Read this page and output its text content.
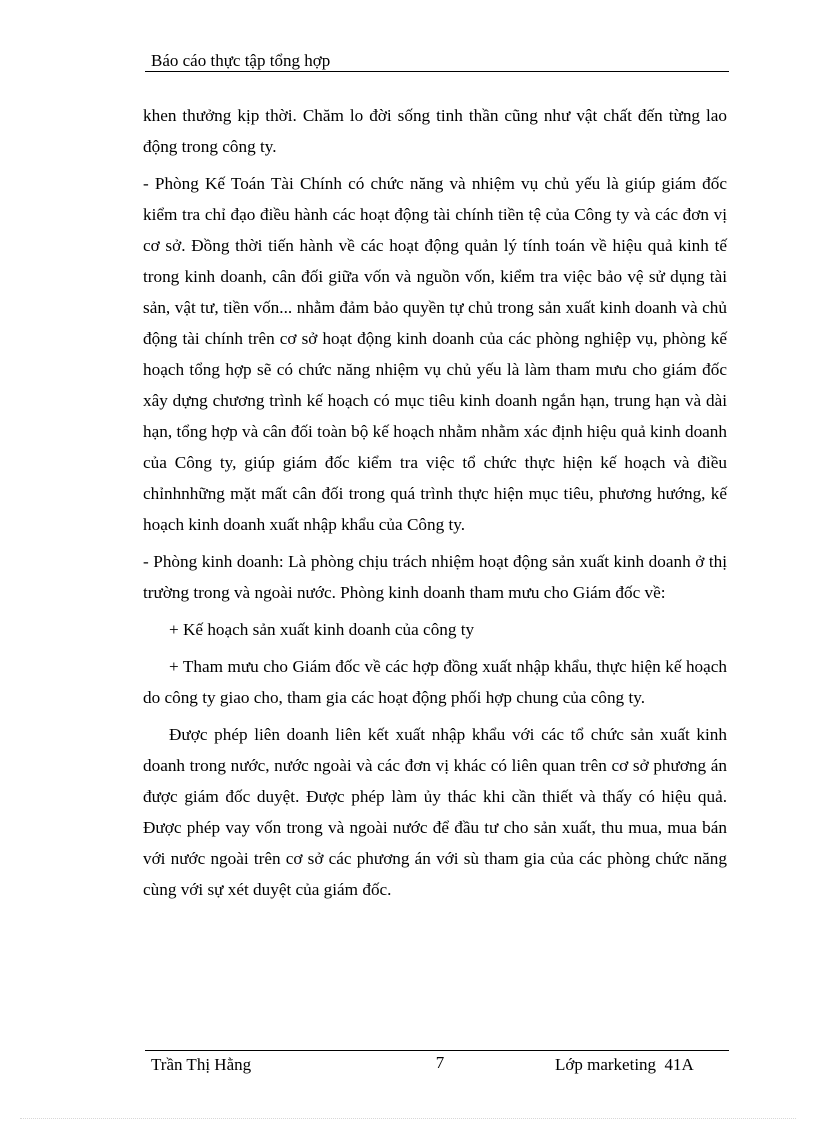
Báo cáo thực tập tổng hợp

khen thưởng kịp thời. Chăm lo đời sống tinh thần cũng như vật chất đến từng lao động trong công ty.

- Phòng Kế Toán Tài Chính có chức năng và nhiệm vụ chủ yếu là giúp giám đốc kiểm tra chỉ đạo điều hành các hoạt động tài chính tiền tệ của Công ty và các đơn vị cơ sở. Đồng thời tiến hành về các hoạt động quản lý tính toán về hiệu quả kinh tế trong kinh doanh, cân đối giữa vốn và nguồn vốn, kiểm tra việc bảo vệ sử dụng tài sản, vật tư, tiền vốn... nhằm đảm bảo quyền tự chủ trong sản xuất kinh doanh và chủ động tài chính trên cơ sở hoạt động kinh doanh của các phòng nghiệp vụ, phòng kế hoạch tổng hợp sẽ có chức năng nhiệm vụ chủ yếu là làm tham mưu cho giám đốc xây dựng chương trình kế hoạch có mục tiêu kinh doanh ngắn hạn, trung hạn và dài hạn, tổng hợp và cân đối toàn bộ kế hoạch nhằm nhằm xác định hiệu quả kinh doanh của Công ty, giúp giám đốc kiểm tra việc tổ chức thực hiện kế hoạch và điều chỉnhnhững mặt mất cân đối trong quá trình thực hiện mục tiêu, phương hướng, kế hoạch kinh doanh xuất nhập khẩu của Công ty.

- Phòng kinh doanh: Là phòng chịu trách nhiệm hoạt động sản xuất kinh doanh ở thị trường trong và ngoài nước. Phòng kinh doanh tham mưu cho Giám đốc về:

+ Kế hoạch sản xuất kinh doanh của công ty

+ Tham mưu cho Giám đốc về các hợp đồng xuất nhập khẩu, thực hiện kế hoạch do công ty giao cho, tham gia các hoạt động phối hợp chung của công ty.

Được phép liên doanh liên kết xuất nhập khẩu với các tổ chức sản xuất kinh doanh trong nước, nước ngoài và các đơn vị khác có liên quan trên cơ sở phương án được giám đốc duyệt. Được phép làm ủy thác khi cần thiết và thấy có hiệu quả. Được phép vay vốn trong và ngoài nước để đầu tư cho sản xuất, thu mua, mua bán với nước ngoài trên cơ sở các phương án với sù tham gia của các phòng chức năng cùng với sự xét duyệt của giám đốc.

Trần Thị Hằng	7	Lớp marketing  41A
